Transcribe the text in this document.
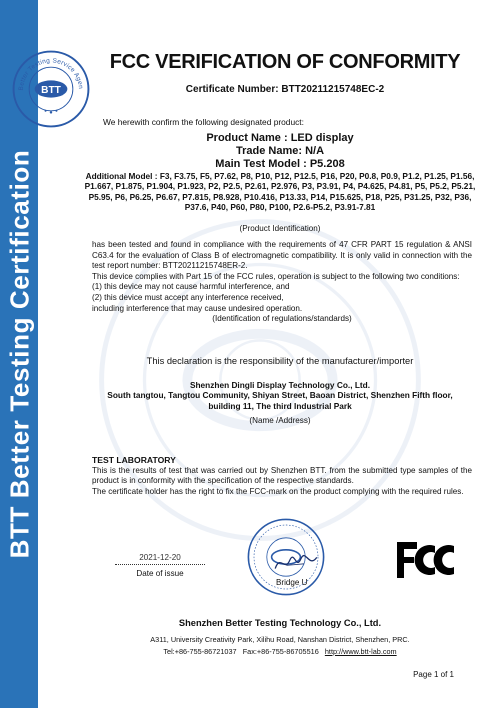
BTT Better Testing Certification
Better Testing Service Agen
BTT
FCC VERIFICATION OF CONFORMITY
Certificate Number: BTT20211215748EC-2
We herewith confirm the following designated product:
Product Name : LED display
Trade Name: N/A
Main Test Model : P5.208
Additional Model : F3, F3.75, F5, P7.62, P8, P10, P12, P12.5, P16, P20, P0.8, P0.9, P1.2, P1.25, P1.56, P1.667, P1.875, P1.904, P1.923, P2, P2.5, P2.61, P2.976, P3, P3.91, P4, P4.625, P4.81, P5, P5.2, P5.21, P5.95, P6, P6.25, P6.67, P7.815, P8.928, P10.416, P13.33, P14, P15.625, P18, P25, P31.25, P32, P36, P37.6, P40, P60, P80, P100, P2.6-P5.2, P3.91-7.81
(Product Identification)

has been tested and found in compliance with the requirements of 47 CFR PART 15 regulation & ANSI C63.4 for the evaluation of Class B of electromagnetic compatibility. It is only valid in connection with the test report number: BTT20211215748ER-2.

This device complies with Part 15 of the FCC rules, operation is subject to the following two conditions:

(1) this device may not cause harmful interference, and

(2) this device must accept any interference received,

including interference that may cause undesired operation.

(Identification of regulations/standards)

This declaration is the responsibility of the manufacturer/importer
Shenzhen Dingli Display Technology Co., Ltd.
South tangtou, Tangtou Community, Shiyan Street, Baoan District, Shenzhen Fifth floor,
building 11, The third Industrial Park
(Name /Address)
TEST LABORATORY

This is the results of test that was carried out by Shenzhen BTT. from the submitted type samples of the product is in conformity with the specification of the respective standards.

The certificate holder has the right to fix the FCC-mark on the product complying with the required rules.

2021-12-20
Date of issue
Bridge U
Shenzhen Better Testing Technology Co., Ltd.
A311, University Creativity Park, Xilihu Road, Nanshan District, Shenzhen, PRC.
Tel:+86-755-86721037 Fax:+86-755-86705516 http://www.btt-lab.com
Page 1 of 1
